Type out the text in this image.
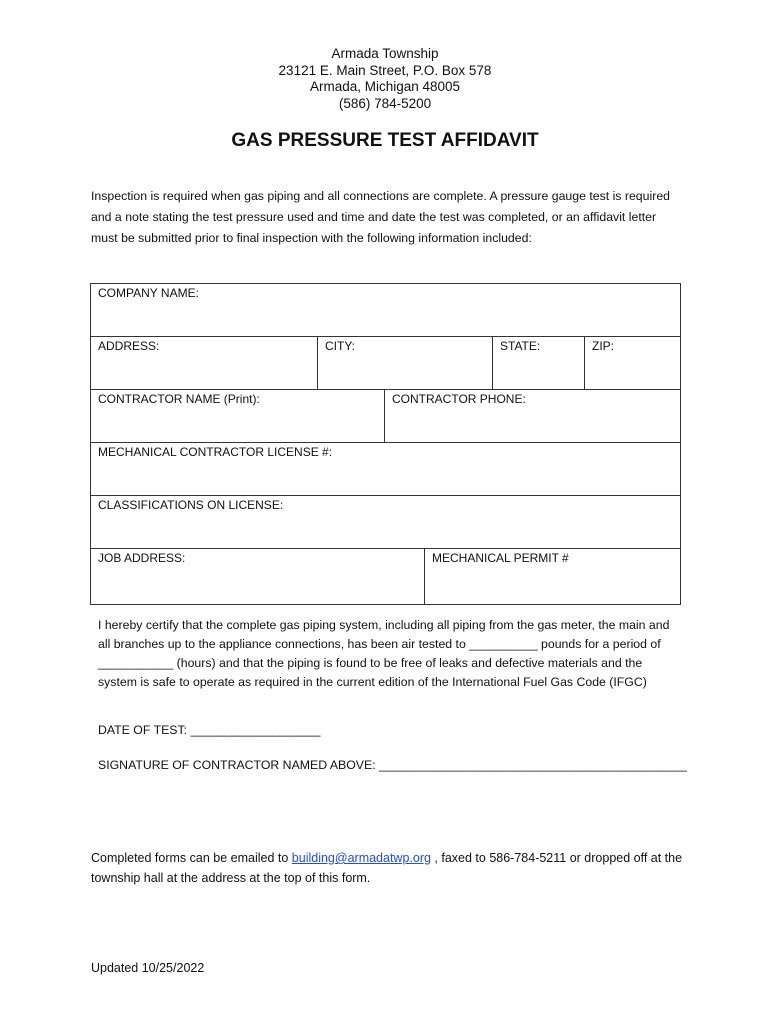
Armada Township
23121 E. Main Street, P.O. Box 578
Armada, Michigan 48005
(586) 784-5200
GAS PRESSURE TEST AFFIDAVIT
Inspection is required when gas piping and all connections are complete. A pressure gauge test is required and a note stating the test pressure used and time and date the test was completed, or an affidavit letter must be submitted prior to final inspection with the following information included:
COMPANY NAME:					
ADDRESS:	CITY:			STATE:	ZIP:
CONTRACTOR NAME (Print):		CONTRACTOR PHONE:			
MECHANICAL CONTRACTOR LICENSE #:					
CLASSIFICATIONS ON LICENSE:					
JOB ADDRESS:			MECHANICAL PERMIT #		
I hereby certify that the complete gas piping system, including all piping from the gas meter, the main and all branches up to the appliance connections, has been air tested to __________ pounds for a period of ___________ (hours) and that the piping is found to be free of leaks and defective materials and the system is safe to operate as required in the current edition of the International Fuel Gas Code (IFGC)
DATE OF TEST: ___________________
SIGNATURE OF CONTRACTOR NAMED ABOVE: _____________________________________________
Completed forms can be emailed to building@armadatwp.org , faxed to 586-784-5211 or dropped off at the township hall at the address at the top of this form.
Updated 10/25/2022
